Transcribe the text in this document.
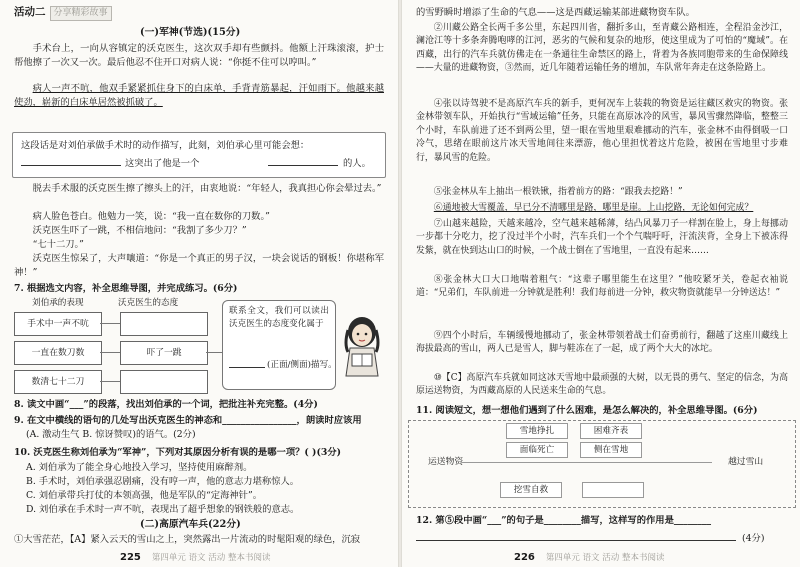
活动二 分享精彩故事
(一)军神(节选)(15分)
手术台上，一向从容镇定的沃克医生，这次双手却有些颤抖。他额上汗珠滚滚，护士帮他擦了一次又一次。最后他忍不住开口对病人说：“你挺不住可以哼叫。”
病人一声不吭，他双手紧紧抓住身下的白床单，手背青筋暴起，汗如雨下。他越来越使劲，崭新的白床单居然被抓破了。
这段话是对刘伯承做手术时的动作描写，此刻，刘伯承心里可能会想：
这突出了他是一个	的人。
脱去手术服的沃克医生擦了擦头上的汗，由衷地说：“年轻人，我真担心你会晕过去。”
病人脸色苍白。他勉力一笑，说：“我一直在数你的刀数。”
沃克医生吓了一跳，不相信地问：“我割了多少刀？”
“七十二刀。”
沃克医生惊呆了，大声嚷道：“你是一个真正的男子汉，一块会说话的钢板！你堪称军神！”
7. 根据选文内容，补全思维导图，并完成练习。(6分)
刘伯承的表现	沃克医生的态度
手术中一声不吭
一直在数刀数
数清七十二刀
吓了一跳
联系全文，我们可以读出沃克医生的态度变化属于
(正面/侧面)描写。
8. 读文中画“___”的段落，找出刘伯承的一个词，把批注补充完整。(4分)
9. 在文中横线的语句的几处写出沃克医生的神态和________________，朗读时应该用
(A. 激动生气 B. 惊讶赞叹)的语气。(2分)
10. 沃克医生称刘伯承为“军神”，下列对其原因分析有误的是哪一项？( )(3分)
A. 刘伯承为了能全身心地投入学习，坚持使用麻醉剂。
B. 手术时，刘伯承强忍剧痛，没有哼一声，他的意志力堪称惊人。
C. 刘伯承带兵打仗的本领高强，他是军队的“定海神针”。
D. 刘伯承在手术时一声不吭，表现出了超乎想象的钢铁般的意志。
(二)高原汽车兵(22分)
①大雪茫茫，【A】紧入云天的雪山之上，突然露出一片流动的时髦阳观的绿色，沉寂
225 第四单元 语文 活动 整本书阅读
的雪野瞬时增添了生命的气息——这是西藏运输某部进藏物资车队。
②川藏公路全长两千多公里，东起四川省，翻折多山，至青藏公路相连，全程沿金沙江，澜沧江等十多条奔腾咆哮的江河，恶劣的气候和复杂的地形，使这里成为了可怕的“魔域”。在西藏，出行的汽车兵就仿佛走在一条通往生命禁区的路上，背着为各族同胞带来的生命保障线——大量的进藏物资，③然而，近几年随着运输任务的增加，车队常年奔走在这条险路上。
④张以诗驾驶不是高原汽车兵的新手，更何况车上装载的物资是运往藏区救灾的物资。张金林带领车队，开始执行“雪域运输”任务，只能在高原冰冷的风雪，暴风雪骤然降临，整整三个小时，车队前进了还不到两公里，望一眼在雪地里艰难挪动的汽车，张金林不由得倒吸一口冷气，思绪在眼前这片冰天雪地间往来漂游，他心里担忧着这片危险，被困在雪地里寸步难行，暴风雪的危险。
⑤张金林从车上抽出一根铁锹，指着前方的路：“跟我去挖路！”
⑥通地被大雪覆盖，早已分不清哪里是路，哪里是崖。上山挖路，无论如何完成？
⑦山越来越险，天越来越冷，空气越来越稀薄，结凸风暴刀子一样割在脸上，身上每挪动一步都十分吃力，挖了没过半个小时，汽车兵们一个个气喘吁吁，汗流浃背，全身上下被冻得发紫，就在快到达山口的时候，一个战士倒在了雪地里，一直没有起来……
⑧张金林大口大口地喘着粗气：“这辈子哪里能生在这里？”他咬紧牙关，卷起衣袖说道：“兄弟们，车队前进一分钟就是胜利！我们每前进一分钟，救灾物资就能早一分钟送达！”
⑨四个小时后，车辆缓慢地挪动了，张金林带领着战士们奋勇前行，翻越了这座川藏线上海拔最高的雪山，两人已是雪人，脚与鞋冻在了一起，成了两个大大的冰坨。
⑩【C】高原汽车兵就如同这冰天雪地中最顽强的大树，以无畏的勇气、坚定的信念，为高原运送物资，为西藏高原的人民送来生命的气息。
11. 阅读短文，想一想他们遇到了什么困难，是怎么解决的，补全思维导图。(6分)
运送物资
雪地挣扎	困难齐表
面临死亡	侧在雪地
挖雪自救
越过雪山
12. 第⑤段中画“___”的句子是________描写，这样写的作用是________
(4分)
226 第四单元 语文 活动 整本书阅读
